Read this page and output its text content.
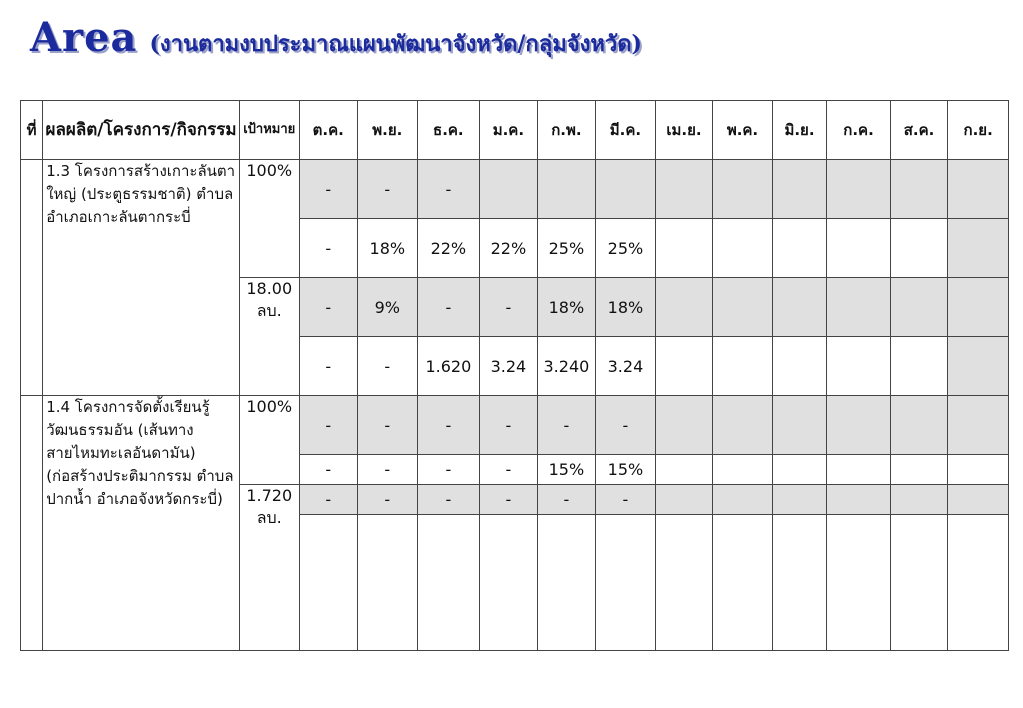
Area (งานตามงบประมาณแผนพัฒนาจังหวัด/กลุ่มจังหวัด)
ที่	ผลผลิต/โครงการ/กิจกรรม	เป้าหมาย	ต.ค.	พ.ย.	ธ.ค.	ม.ค.	ก.พ.	มี.ค.	เม.ย.	พ.ค.	มิ.ย.	ก.ค.	ส.ค.	ก.ย.
	1.3 โครงการสร้างเกาะลันตาใหญ่ (ประตูธรรมชาติ) ตำบลอำเภอเกาะลันตากระบี่	100%	-	-	-									
			-	18%	22%	22%	25%	25%						
		18.00 ลบ.	-	9%	-	-	18%	18%						
			-	-	1.620	3.24	3.240	3.24						
	1.4 โครงการจัดตั้งเรียนรู้วัฒนธรรมอัน (เส้นทางสายไหมทะเลอันดามัน) (ก่อสร้างประติมากรรม ตำบลปากน้ำ อำเภอจังหวัดกระบี่)	100%	-	-	-	-	-	-						
			-	-	-	-	15%	15%						
		1.720 ลบ.	-	-	-	-	-	-						
